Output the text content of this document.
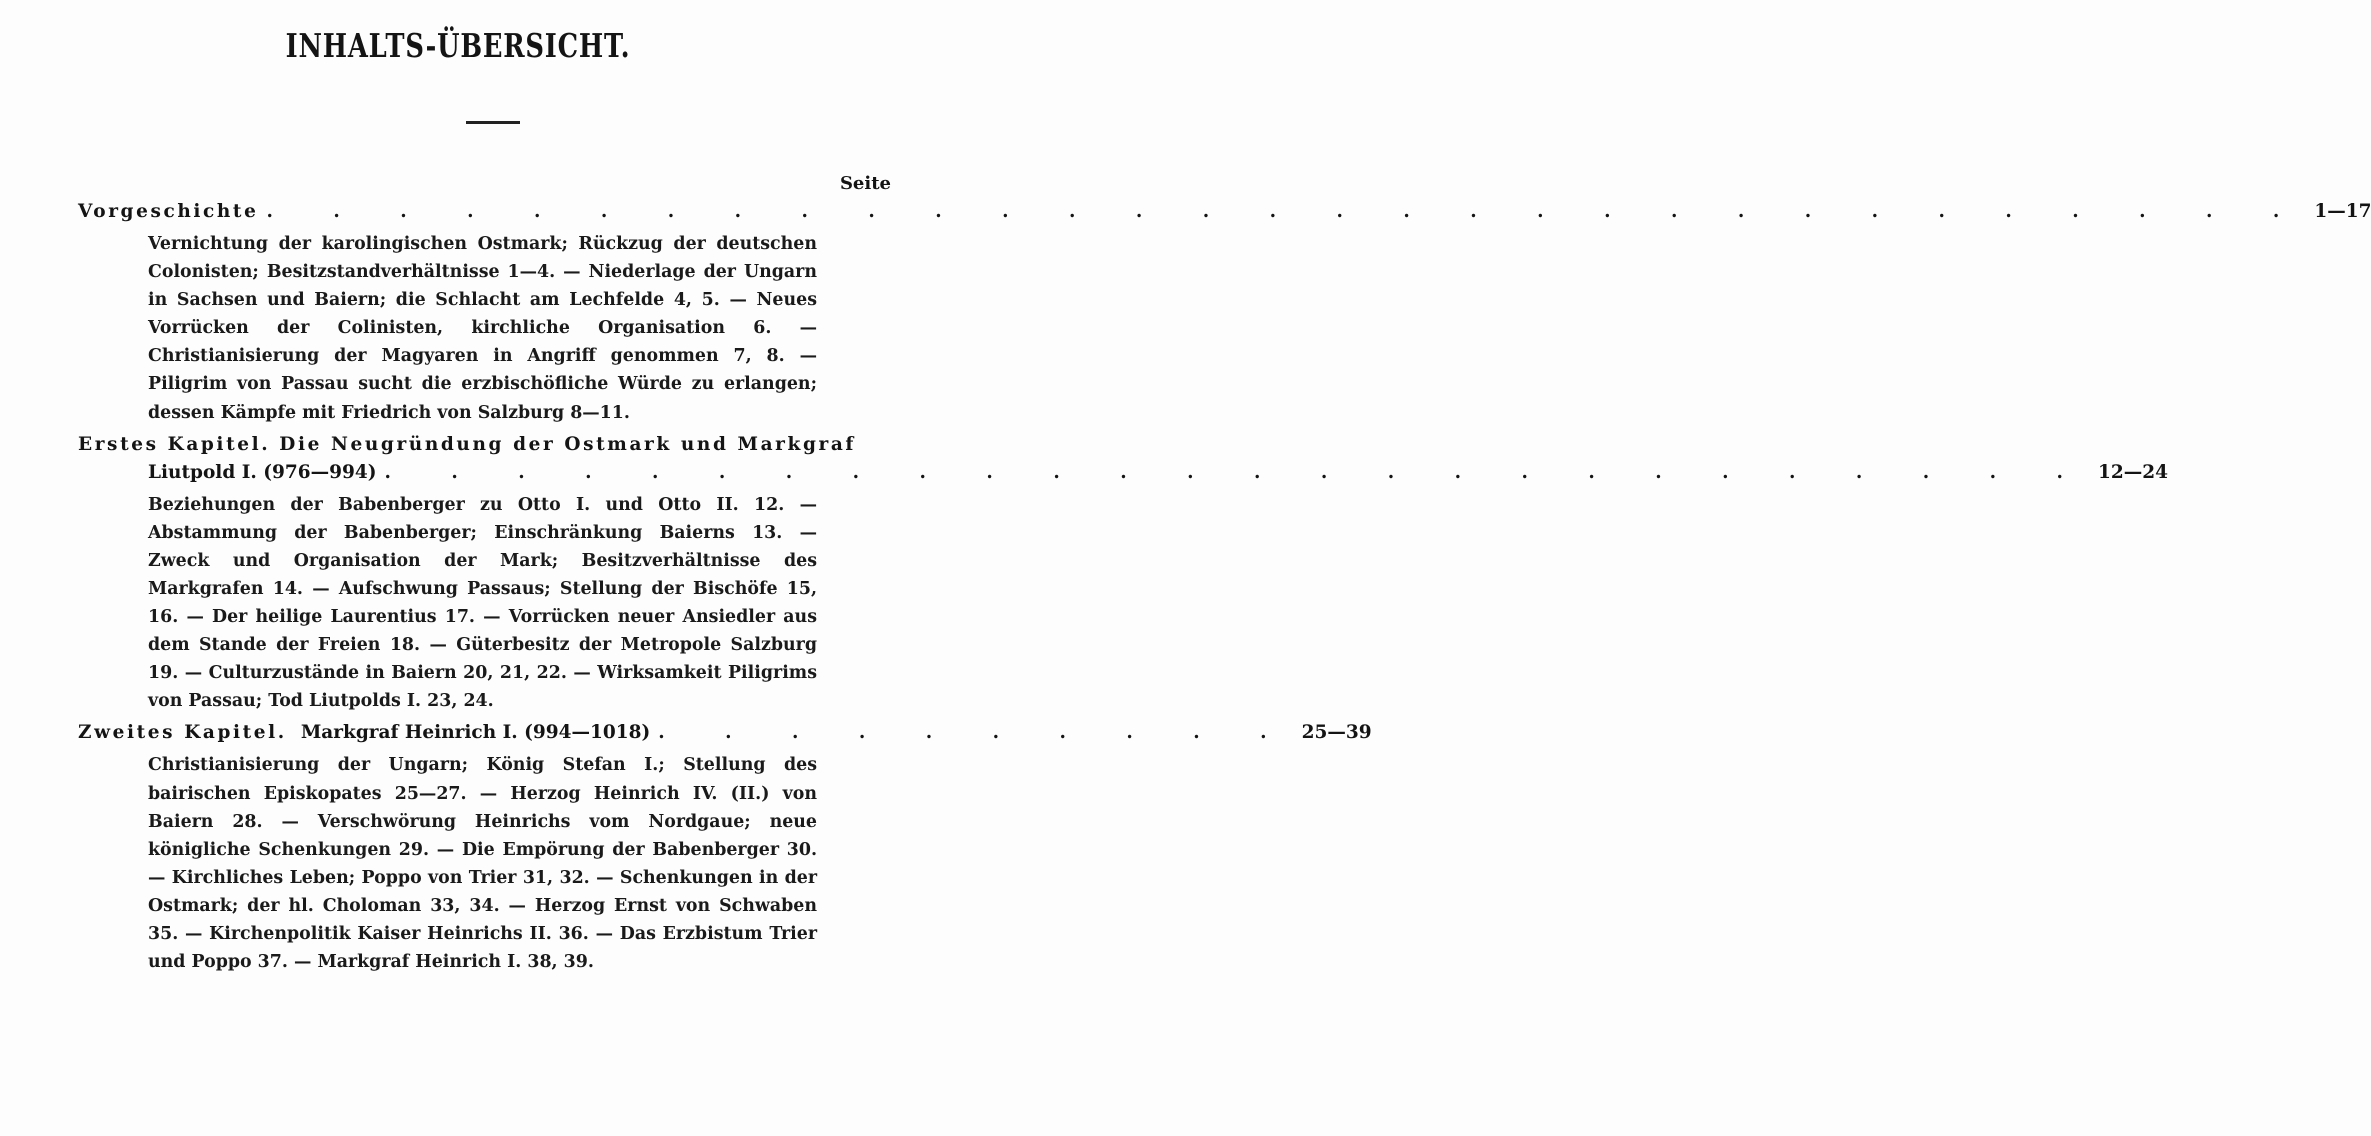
INHALTS-ÜBERSICHT.
Seite
Vorgeschichte . . . . . . . . . . . . . . . . . . . . . . . . . . . . . . . 1—17
Vernichtung der karolingischen Ostmark; Rückzug der deutschen Colonisten; Besitzstandverhältnisse 1—4. — Niederlage der Ungarn in Sachsen und Baiern; die Schlacht am Lechfelde 4, 5. — Neues Vorrücken der Colinisten, kirchliche Organisation 6. — Christianisierung der Magyaren in Angriff genommen 7, 8. — Piligrim von Passau sucht die erzbischöfliche Würde zu erlangen; dessen Kämpfe mit Friedrich von Salzburg 8—11.
Erstes Kapitel. Die Neugründung der Ostmark und Markgraf
Liutpold I. (976—994) . . . . . . . . . . . . . . . . . . . . . . . . . . 12—24
Beziehungen der Babenberger zu Otto I. und Otto II. 12. — Abstammung der Babenberger; Einschränkung Baierns 13. — Zweck und Organisation der Mark; Besitzverhältnisse des Markgrafen 14. — Aufschwung Passaus; Stellung der Bischöfe 15, 16. — Der heilige Laurentius 17. — Vorrücken neuer Ansiedler aus dem Stande der Freien 18. — Güterbesitz der Metropole Salzburg 19. — Culturzustände in Baiern 20, 21, 22. — Wirksamkeit Piligrims von Passau; Tod Liutpolds I. 23, 24.
Zweites Kapitel. Markgraf Heinrich I. (994—1018) . . . . . . . . . . 25—39
Christianisierung der Ungarn; König Stefan I.; Stellung des bairischen Episkopates 25—27. — Herzog Heinrich IV. (II.) von Baiern 28. — Verschwörung Heinrichs vom Nordgaue; neue königliche Schenkungen 29. — Die Empörung der Babenberger 30. — Kirchliches Leben; Poppo von Trier 31, 32. — Schenkungen in der Ostmark; der hl. Choloman 33, 34. — Herzog Ernst von Schwaben 35. — Kirchenpolitik Kaiser Heinrichs II. 36. — Das Erzbistum Trier und Poppo 37. — Markgraf Heinrich I. 38, 39.
